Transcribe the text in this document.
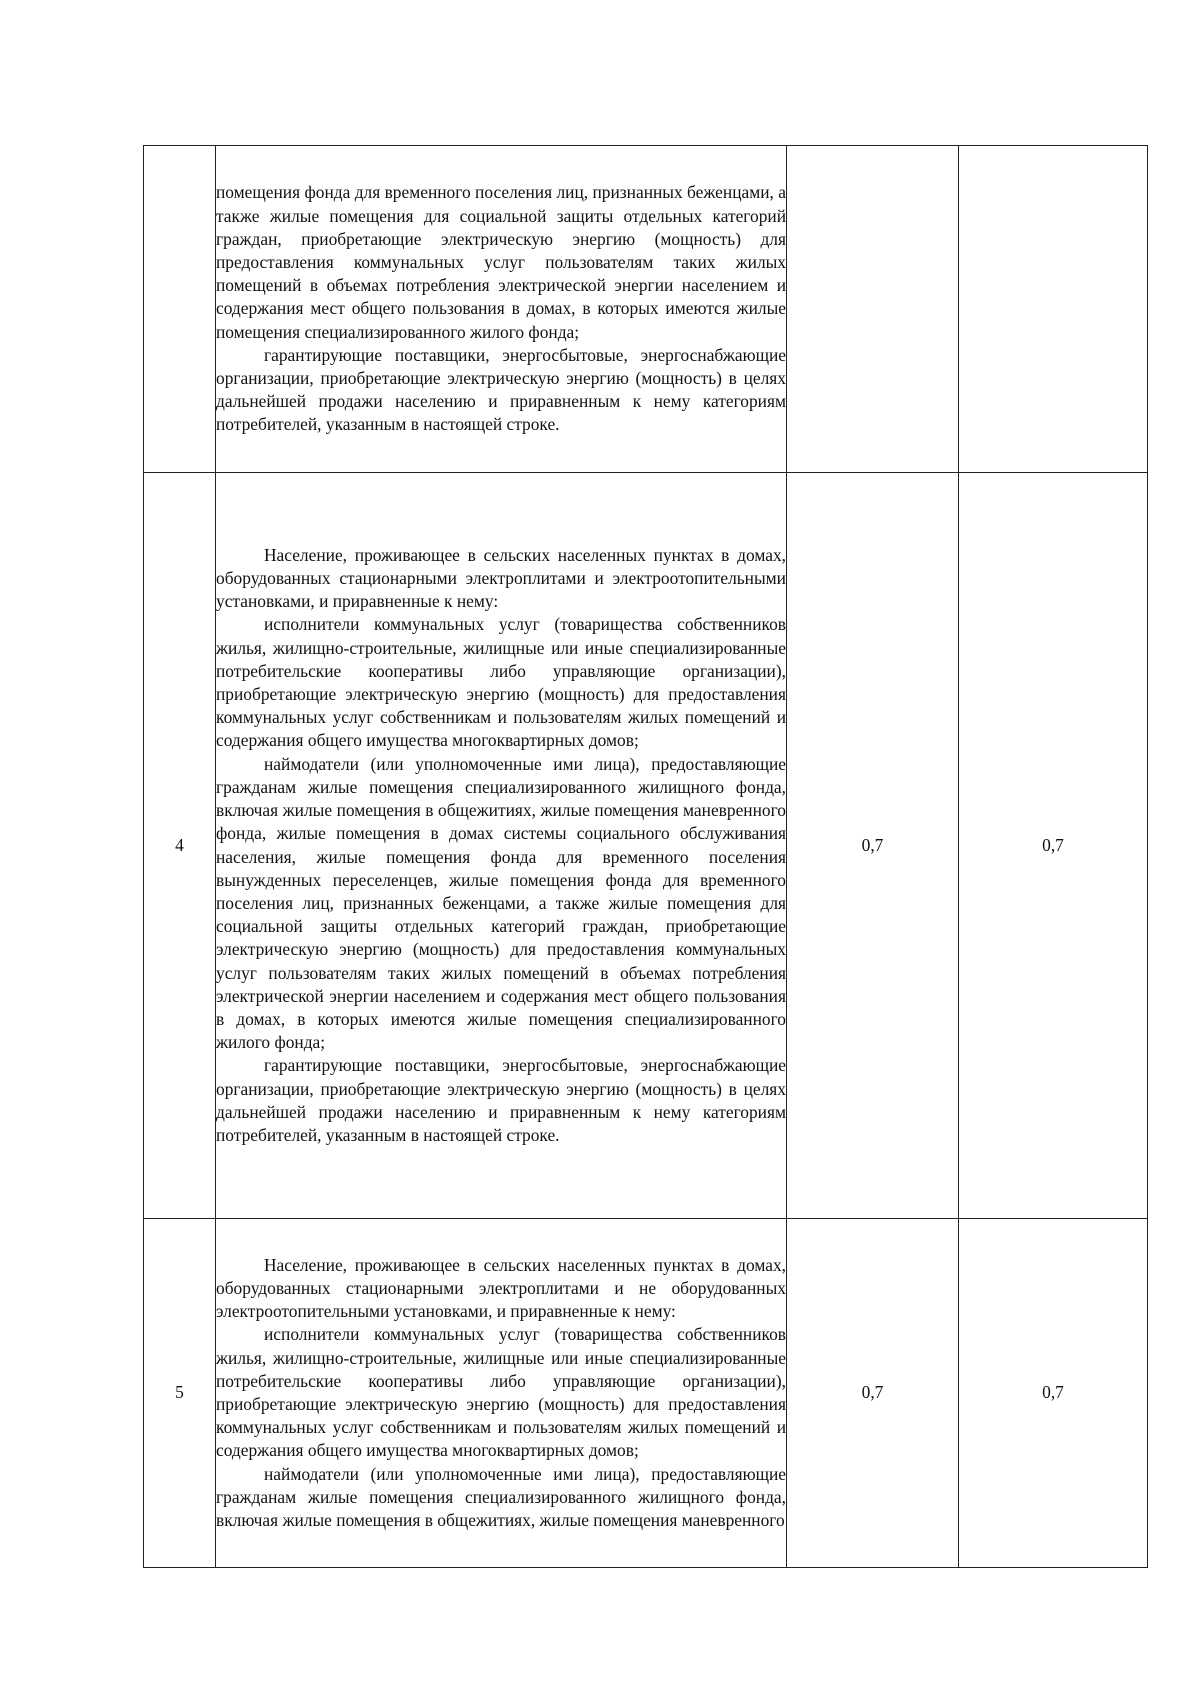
	помещения фонда для временного поселения лиц, признанных беженцами, а также жилые помещения для социальной защиты отдельных категорий граждан, приобретающие электрическую энергию (мощность) для предоставления коммунальных услуг пользователям таких жилых помещений в объемах потребления электрической энергии населением и содержания мест общего пользования в домах, в которых имеются жилые помещения специализированного жилого фонда;

гарантирующие поставщики, энергосбытовые, энергоснабжающие организации, приобретающие электрическую энергию (мощность) в целях дальнейшей продажи населению и приравненным к нему категориям потребителей, указанным в настоящей строке.		

4	Население, проживающее в сельских населенных пунктах в домах, оборудованных стационарными электроплитами и электроотопительными установками, и приравненные к нему:

исполнители коммунальных услуг (товарищества собственников жилья, жилищно-строительные, жилищные или иные специализированные потребительские кооперативы либо управляющие организации), приобретающие электрическую энергию (мощность) для предоставления коммунальных услуг собственникам и пользователям жилых помещений и содержания общего имущества многоквартирных домов;

наймодатели (или уполномоченные ими лица), предоставляющие гражданам жилые помещения специализированного жилищного фонда, включая жилые помещения в общежитиях, жилые помещения маневренного фонда, жилые помещения в домах системы социального обслуживания населения, жилые помещения фонда для временного поселения вынужденных переселенцев, жилые помещения фонда для временного поселения лиц, признанных беженцами, а также жилые помещения для социальной защиты отдельных категорий граждан, приобретающие электрическую энергию (мощность) для предоставления коммунальных услуг пользователям таких жилых помещений в объемах потребления электрической энергии населением и содержания мест общего пользования в домах, в которых имеются жилые помещения специализированного жилого фонда;

гарантирующие поставщики, энергосбытовые, энергоснабжающие организации, приобретающие электрическую энергию (мощность) в целях дальнейшей продажи населению и приравненным к нему категориям потребителей, указанным в настоящей строке.	0,7	0,7
5	Население, проживающее в сельских населенных пунктах в домах, оборудованных стационарными электроплитами и не оборудованных электроотопительными установками, и приравненные к нему:

исполнители коммунальных услуг (товарищества собственников жилья, жилищно-строительные, жилищные или иные специализированные потребительские кооперативы либо управляющие организации), приобретающие электрическую энергию (мощность) для предоставления коммунальных услуг собственникам и пользователям жилых помещений и содержания общего имущества многоквартирных домов;

наймодатели (или уполномоченные ими лица), предоставляющие гражданам жилые помещения специализированного жилищного фонда, включая жилые помещения в общежитиях, жилые помещения маневренного	0,7	0,7
